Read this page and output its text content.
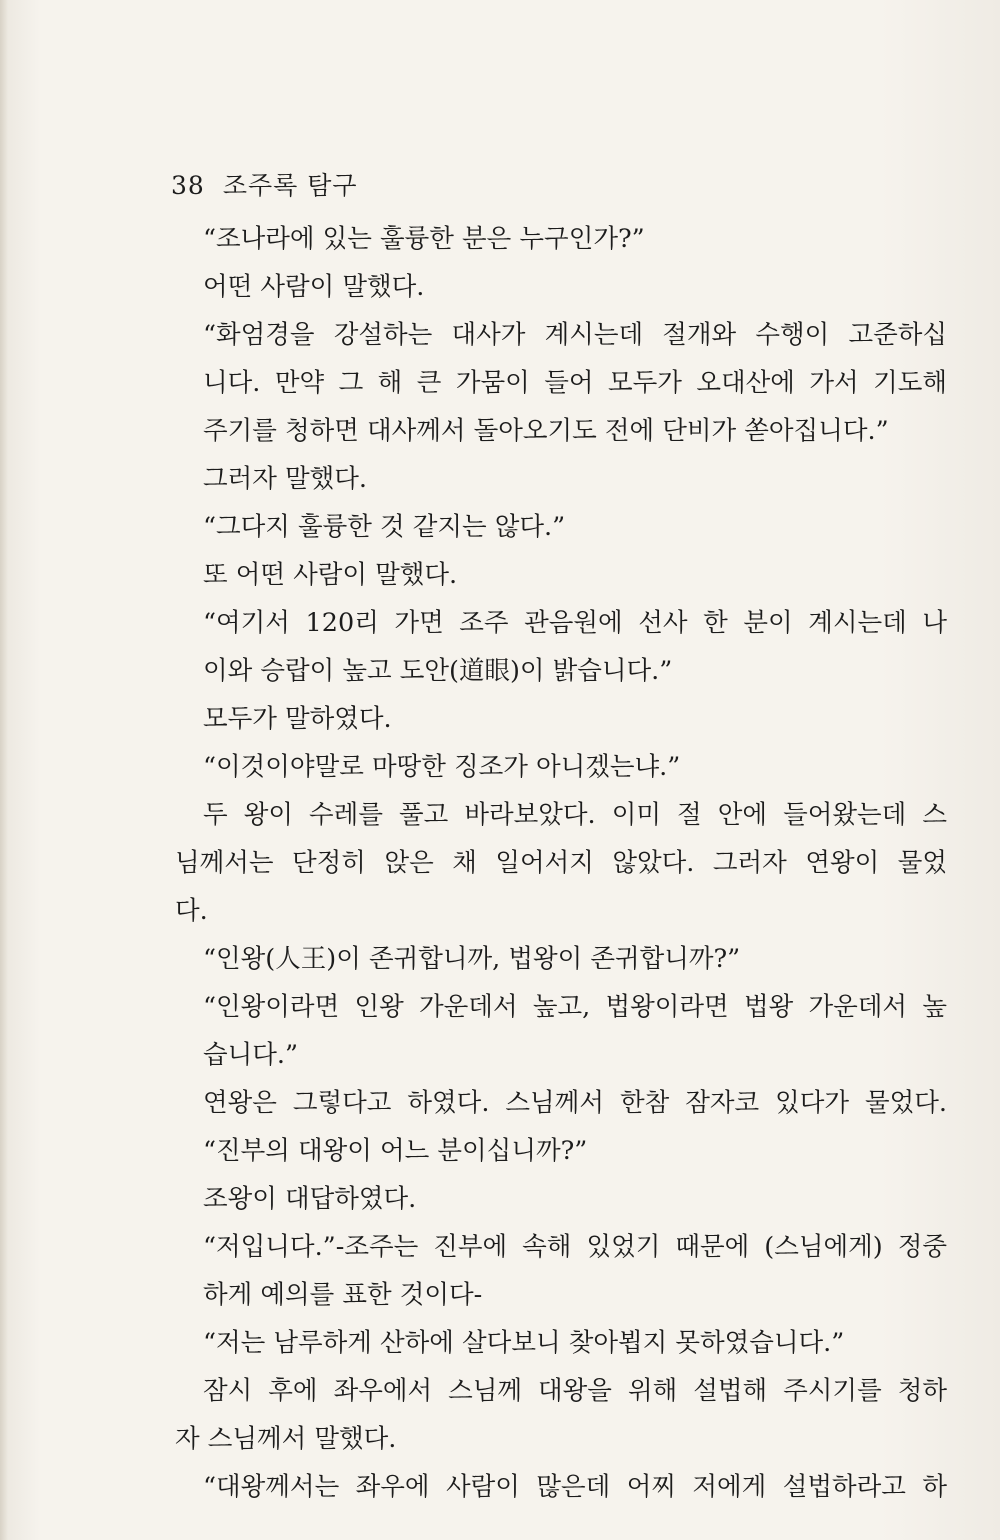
38 조주록 탐구
“조나라에 있는 훌륭한 분은 누구인가?”
어떤 사람이 말했다.
“화엄경을 강설하는 대사가 계시는데 절개와 수행이 고준하십
니다. 만약 그 해 큰 가뭄이 들어 모두가 오대산에 가서 기도해
주기를 청하면 대사께서 돌아오기도 전에 단비가 쏟아집니다.”
그러자 말했다.
“그다지 훌륭한 것 같지는 않다.”
또 어떤 사람이 말했다.
“여기서 120리 가면 조주 관음원에 선사 한 분이 계시는데 나
이와 승랍이 높고 도안(道眼)이 밝습니다.”
모두가 말하였다.
“이것이야말로 마땅한 징조가 아니겠는냐.”
두 왕이 수레를 풀고 바라보았다. 이미 절 안에 들어왔는데 스
님께서는 단정히 앉은 채 일어서지 않았다. 그러자 연왕이 물었
다.
“인왕(人王)이 존귀합니까, 법왕이 존귀합니까?”
“인왕이라면 인왕 가운데서 높고, 법왕이라면 법왕 가운데서 높
습니다.”
연왕은 그렇다고 하였다. 스님께서 한참 잠자코 있다가 물었다.
“진부의 대왕이 어느 분이십니까?”
조왕이 대답하였다.
“저입니다.”-조주는 진부에 속해 있었기 때문에 (스님에게) 정중
하게 예의를 표한 것이다-
“저는 남루하게 산하에 살다보니 찾아뵙지 못하였습니다.”
잠시 후에 좌우에서 스님께 대왕을 위해 설법해 주시기를 청하
자 스님께서 말했다.
“대왕께서는 좌우에 사람이 많은데 어찌 저에게 설법하라고 하
